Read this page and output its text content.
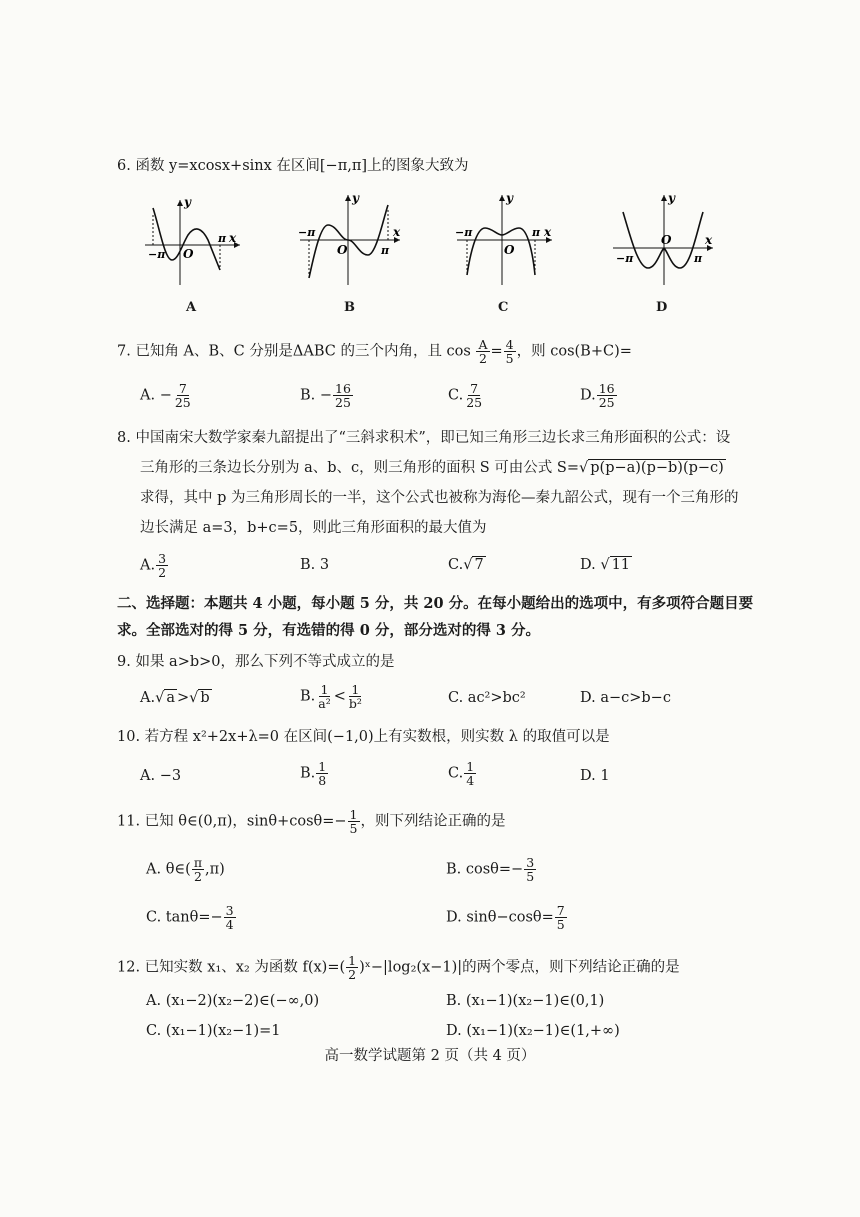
6. 函数 y=xcosx+sinx 在区间[−π,π]上的图象大致为
y
x
O
−π
π
A
y
x
O
−π
π
B
y
x
O
−π	π
C
y
x
O
−π	π
D
7. 已知角 A、B、C 分别是ΔABC 的三个内角，且 $\cos \frac{A}{2} = \frac{4}{5}$ ，则 cos(B+C)=
A. − $\frac{7}{25}$	B. − $\frac{16}{25}$	C. $\frac{7}{25}$	D. $\frac{16}{25}$
8. 中国南宋大数学家秦九韶提出了“三斜求积术”，即已知三角形三边长求三角形面积的公式：设
三角形的三条边长分别为 a、b、c，则三角形的面积 S 可由公式 S=√ p(p−a)(p−b)(p−c)
求得，其中 p 为三角形周长的一半，这个公式也被称为海伦—秦九韶公式，现有一个三角形的
边长满足 a=3，b+c=5，则此三角形面积的最大值为
A. $\frac{3}{2}$	B. 3	C.√ 7	D. √ 11
二、选择题：本题共 4 小题，每小题 5 分，共 20 分。在每小题给出的选项中，有多项符合题目要求。全部选对的得 5 分，有选错的得 0 分，部分选对的得 3 分。
9. 如果 a>b>0，那么下列不等式成立的是
A.√ a >√ b	B. $\frac{1}{\text{a²}} < \frac{1}{\text{b²}}$	C. ac²>bc²	D. a−c>b−c
10. 若方程 x²+2x+λ=0 在区间(−1,0)上有实数根，则实数 λ 的取值可以是
A. −3	B. $\frac{1}{8}$	C. $\frac{1}{4}$	D. 1
11. 已知 θ∈(0,π)，$\sin\theta+\cos\theta=- \frac{1}{5}$ ，则下列结论正确的是
A. θ∈( $\frac{\pi}{2} ,\pi$)	B. $\cos\theta=- \frac{3}{5}$
C. $\tan\theta=- \frac{3}{4}$	D. $\sin\theta-\cos\theta= \frac{7}{5}$
12. 已知实数 x₁、x₂ 为函数 $f(x)=( \frac{1}{2}$ )ˣ−|log₂(x−1)|的两个零点，则下列结论正确的是
A. (x₁−2)(x₂−2)∈(−∞,0)	B. (x₁−1)(x₂−1)∈(0,1)
C. (x₁−1)(x₂−1)=1	D. (x₁−1)(x₂−1)∈(1,+∞)
高一数学试题第 2 页（共 4 页）
